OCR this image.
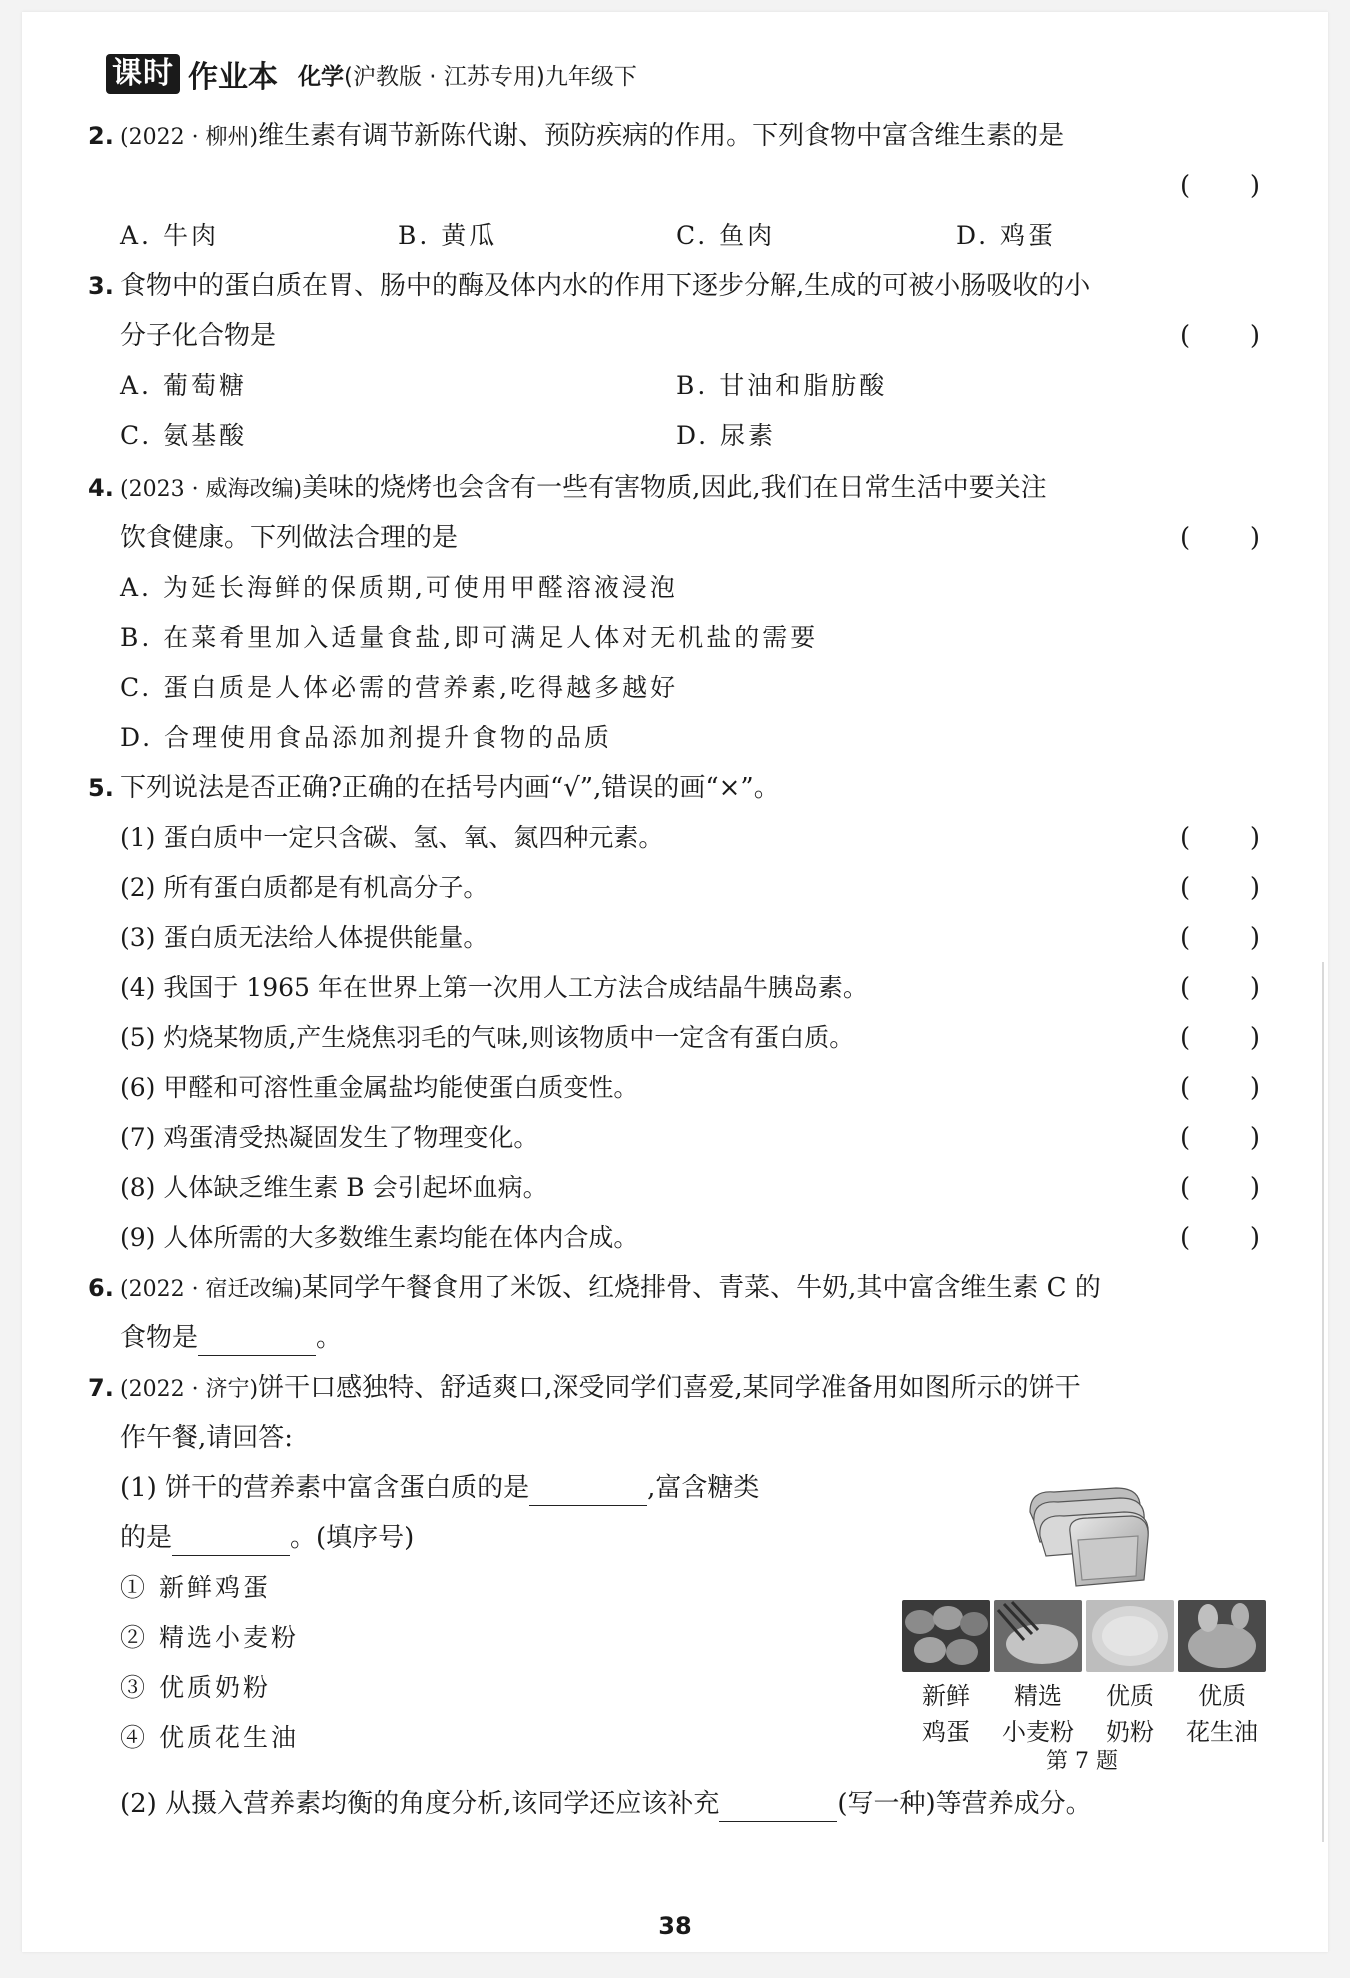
课时 作业本 化学(沪教版 · 江苏专用)九年级下
2. (2022 · 柳州)维生素有调节新陈代谢、预防疾病的作用。下列食物中富含维生素的是
( )
A. 牛肉	B. 黄瓜	C. 鱼肉	D. 鸡蛋
3. 食物中的蛋白质在胃、肠中的酶及体内水的作用下逐步分解,生成的可被小肠吸收的小
分子化合物是	( )
A. 葡萄糖	B. 甘油和脂肪酸
C. 氨基酸	D. 尿素
4. (2023 · 威海改编)美味的烧烤也会含有一些有害物质,因此,我们在日常生活中要关注
饮食健康。下列做法合理的是	( )
A. 为延长海鲜的保质期,可使用甲醛溶液浸泡
B. 在菜肴里加入适量食盐,即可满足人体对无机盐的需要
C. 蛋白质是人体必需的营养素,吃得越多越好
D. 合理使用食品添加剂提升食物的品质
5. 下列说法是否正确?正确的在括号内画“√”,错误的画“×”。
(1) 蛋白质中一定只含碳、氢、氧、氮四种元素。	( )
(2) 所有蛋白质都是有机高分子。	( )
(3) 蛋白质无法给人体提供能量。	( )
(4) 我国于 1965 年在世界上第一次用人工方法合成结晶牛胰岛素。	( )
(5) 灼烧某物质,产生烧焦羽毛的气味,则该物质中一定含有蛋白质。	( )
(6) 甲醛和可溶性重金属盐均能使蛋白质变性。	( )
(7) 鸡蛋清受热凝固发生了物理变化。	( )
(8) 人体缺乏维生素 B 会引起坏血病。	( )
(9) 人体所需的大多数维生素均能在体内合成。	( )
6. (2022 · 宿迁改编)某同学午餐食用了米饭、红烧排骨、青菜、牛奶,其中富含维生素 C 的
食物是	。
7. (2022 · 济宁)饼干口感独特、舒适爽口,深受同学们喜爱,某同学准备用如图所示的饼干
作午餐,请回答:
(1) 饼干的营养素中富含蛋白质的是	,富含糖类
的是	。(填序号)
① 新鲜鸡蛋
② 精选小麦粉
③ 优质奶粉
④ 优质花生油
(2) 从摄入营养素均衡的角度分析,该同学还应该补充	(写一种)等营养成分。
新鲜
鸡蛋
精选
小麦粉
优质
奶粉
优质
花生油
第 7 题
38
